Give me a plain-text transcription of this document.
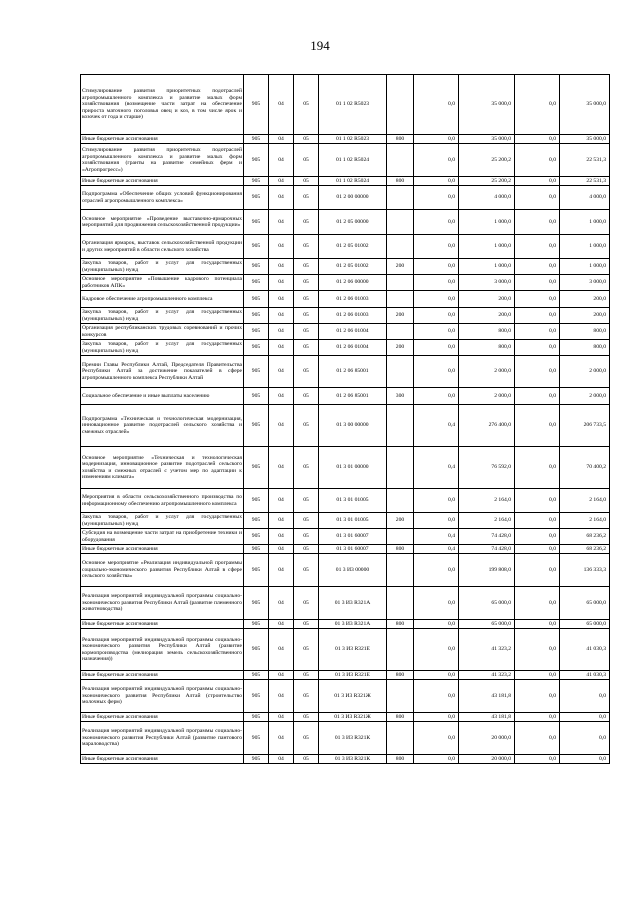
194
Стимулирование развития приоритетных подотраслей агропромышленного комплекса и развитие малых форм хозяйствования (возмещение части затрат на обеспечение прироста маточного поголовья овец и коз, в том числе ярок и козочек от года и старше)	905	04	05	01 1 02 R5023		0,0	35 000,0	0,0	35 000,0
Иные бюджетные ассигнования	905	04	05	01 1 02 R5023	800	0,0	35 000,0	0,0	35 000,0
Стимулирование развития приоритетных подотраслей агропромышленного комплекса и развитие малых форм хозяйствования (гранты на развитие семейных ферм и «Агропрогресс»)	905	04	05	01 1 02 R5024		0,0	25 200,2	0,0	22 531,3
Иные бюджетные ассигнования	905	04	05	01 1 02 R5024	800	0,0	25 200,2	0,0	22 531,3
Подпрограмма «Обеспечение общих условий функционирования отраслей агропромышленного комплекса»	905	04	05	01 2 00 00000		0,0	4 000,0	0,0	4 000,0
Основное мероприятие «Проведение выставочно-ярмарочных мероприятий для продвижения сельскохозяйственной продукции»	905	04	05	01 2 05 00000		0,0	1 000,0	0,0	1 000,0
Организация ярмарок, выставок сельскохозяйственной продукции и других мероприятий в области сельского хозяйства	905	04	05	01 2 05 01002		0,0	1 000,0	0,0	1 000,0
Закупка товаров, работ и услуг для государственных (муниципальных) нужд	905	04	05	01 2 05 01002	200	0,0	1 000,0	0,0	1 000,0
Основное мероприятие «Повышение кадрового потенциала работников АПК»	905	04	05	01 2 06 00000		0,0	3 000,0	0,0	3 000,0
Кадровое обеспечение агропромышленного комплекса	905	04	05	01 2 06 01003		0,0	200,0	0,0	200,0
Закупка товаров, работ и услуг для государственных (муниципальных) нужд	905	04	05	01 2 06 01003	200	0,0	200,0	0,0	200,0
Организация республиканских трудовых соревнований и прочих конкурсов	905	04	05	01 2 06 01004		0,0	800,0	0,0	800,0
Закупка товаров, работ и услуг для государственных (муниципальных) нужд	905	04	05	01 2 06 01004	200	0,0	800,0	0,0	800,0
Премии Главы Республики Алтай, Председателя Правительства Республики Алтай за достижение показателей в сфере агропромышленного комплекса Республики Алтай	905	04	05	01 2 06 85001		0,0	2 000,0	0,0	2 000,0
Социальное обеспечение и иные выплаты населению	905	04	05	01 2 06 85001	300	0,0	2 000,0	0,0	2 000,0
Подпрограмма «Техническая и технологическая модернизация, инновационное развитие подотраслей сельского хозяйства и смежных отраслей»	905	04	05	01 3 00 00000		0,4	276 400,0	0,0	206 733,5
Основное мероприятие «Техническая и технологическая модернизация, инновационное развитие подотраслей сельского хозяйства и смежных отраслей с учетом мер по адаптации к изменениям климата»	905	04	05	01 3 01 00000		0,4	76 592,0	0,0	70 400,2
Мероприятия в области сельскохозяйственного производства по информационному обеспечению агропромышленного комплекса	905	04	05	01 3 01 01005		0,0	2 164,0	0,0	2 164,0
Закупка товаров, работ и услуг для государственных (муниципальных) нужд	905	04	05	01 3 01 01005	200	0,0	2 164,0	0,0	2 164,0
Субсидия на возмещение части затрат на приобретение техники и оборудования	905	04	05	01 3 01 60007		0,4	74 428,0	0,0	68 236,2
Иные бюджетные ассигнования	905	04	05	01 3 01 60007	800	0,4	74 428,0	0,0	68 236,2
Основное мероприятие «Реализация индивидуальной программы социально-экономического развития Республики Алтай в сфере сельского хозяйства»	905	04	05	01 3 И3 00000		0,0	199 808,0	0,0	136 333,3
Реализация мероприятий индивидуальной программы социально-экономического развития Республики Алтай (развитие племенного животноводства)	905	04	05	01 3 И3 R321А		0,0	65 000,0	0,0	65 000,0
Иные бюджетные ассигнования	905	04	05	01 3 И3 R321А	800	0,0	65 000,0	0,0	65 000,0
Реализация мероприятий индивидуальной программы социально-экономического развития Республики Алтай (развитие кормопроизводства (мелиорация земель сельскохозяйственного назначения))	905	04	05	01 3 И3 R321Е		0,0	41 323,2	0,0	41 030,3
Иные бюджетные ассигнования	905	04	05	01 3 И3 R321Е	800	0,0	41 323,2	0,0	41 030,3
Реализация мероприятий индивидуальной программы социально-экономического развития Республики Алтай (строительство молочных ферм)	905	04	05	01 3 И3 R321Ж		0,0	43 181,8	0,0	0,0
Иные бюджетные ассигнования	905	04	05	01 3 И3 R321Ж	800	0,0	43 181,8	0,0	0,0
Реализация мероприятий индивидуальной программы социально-экономического развития Республики Алтай (развитие пантового мараловодства)	905	04	05	01 3 И3 R321К		0,0	20 000,0	0,0	0,0
Иные бюджетные ассигнования	905	04	05	01 3 И3 R321К	800	0,0	20 000,0	0,0	0,0
